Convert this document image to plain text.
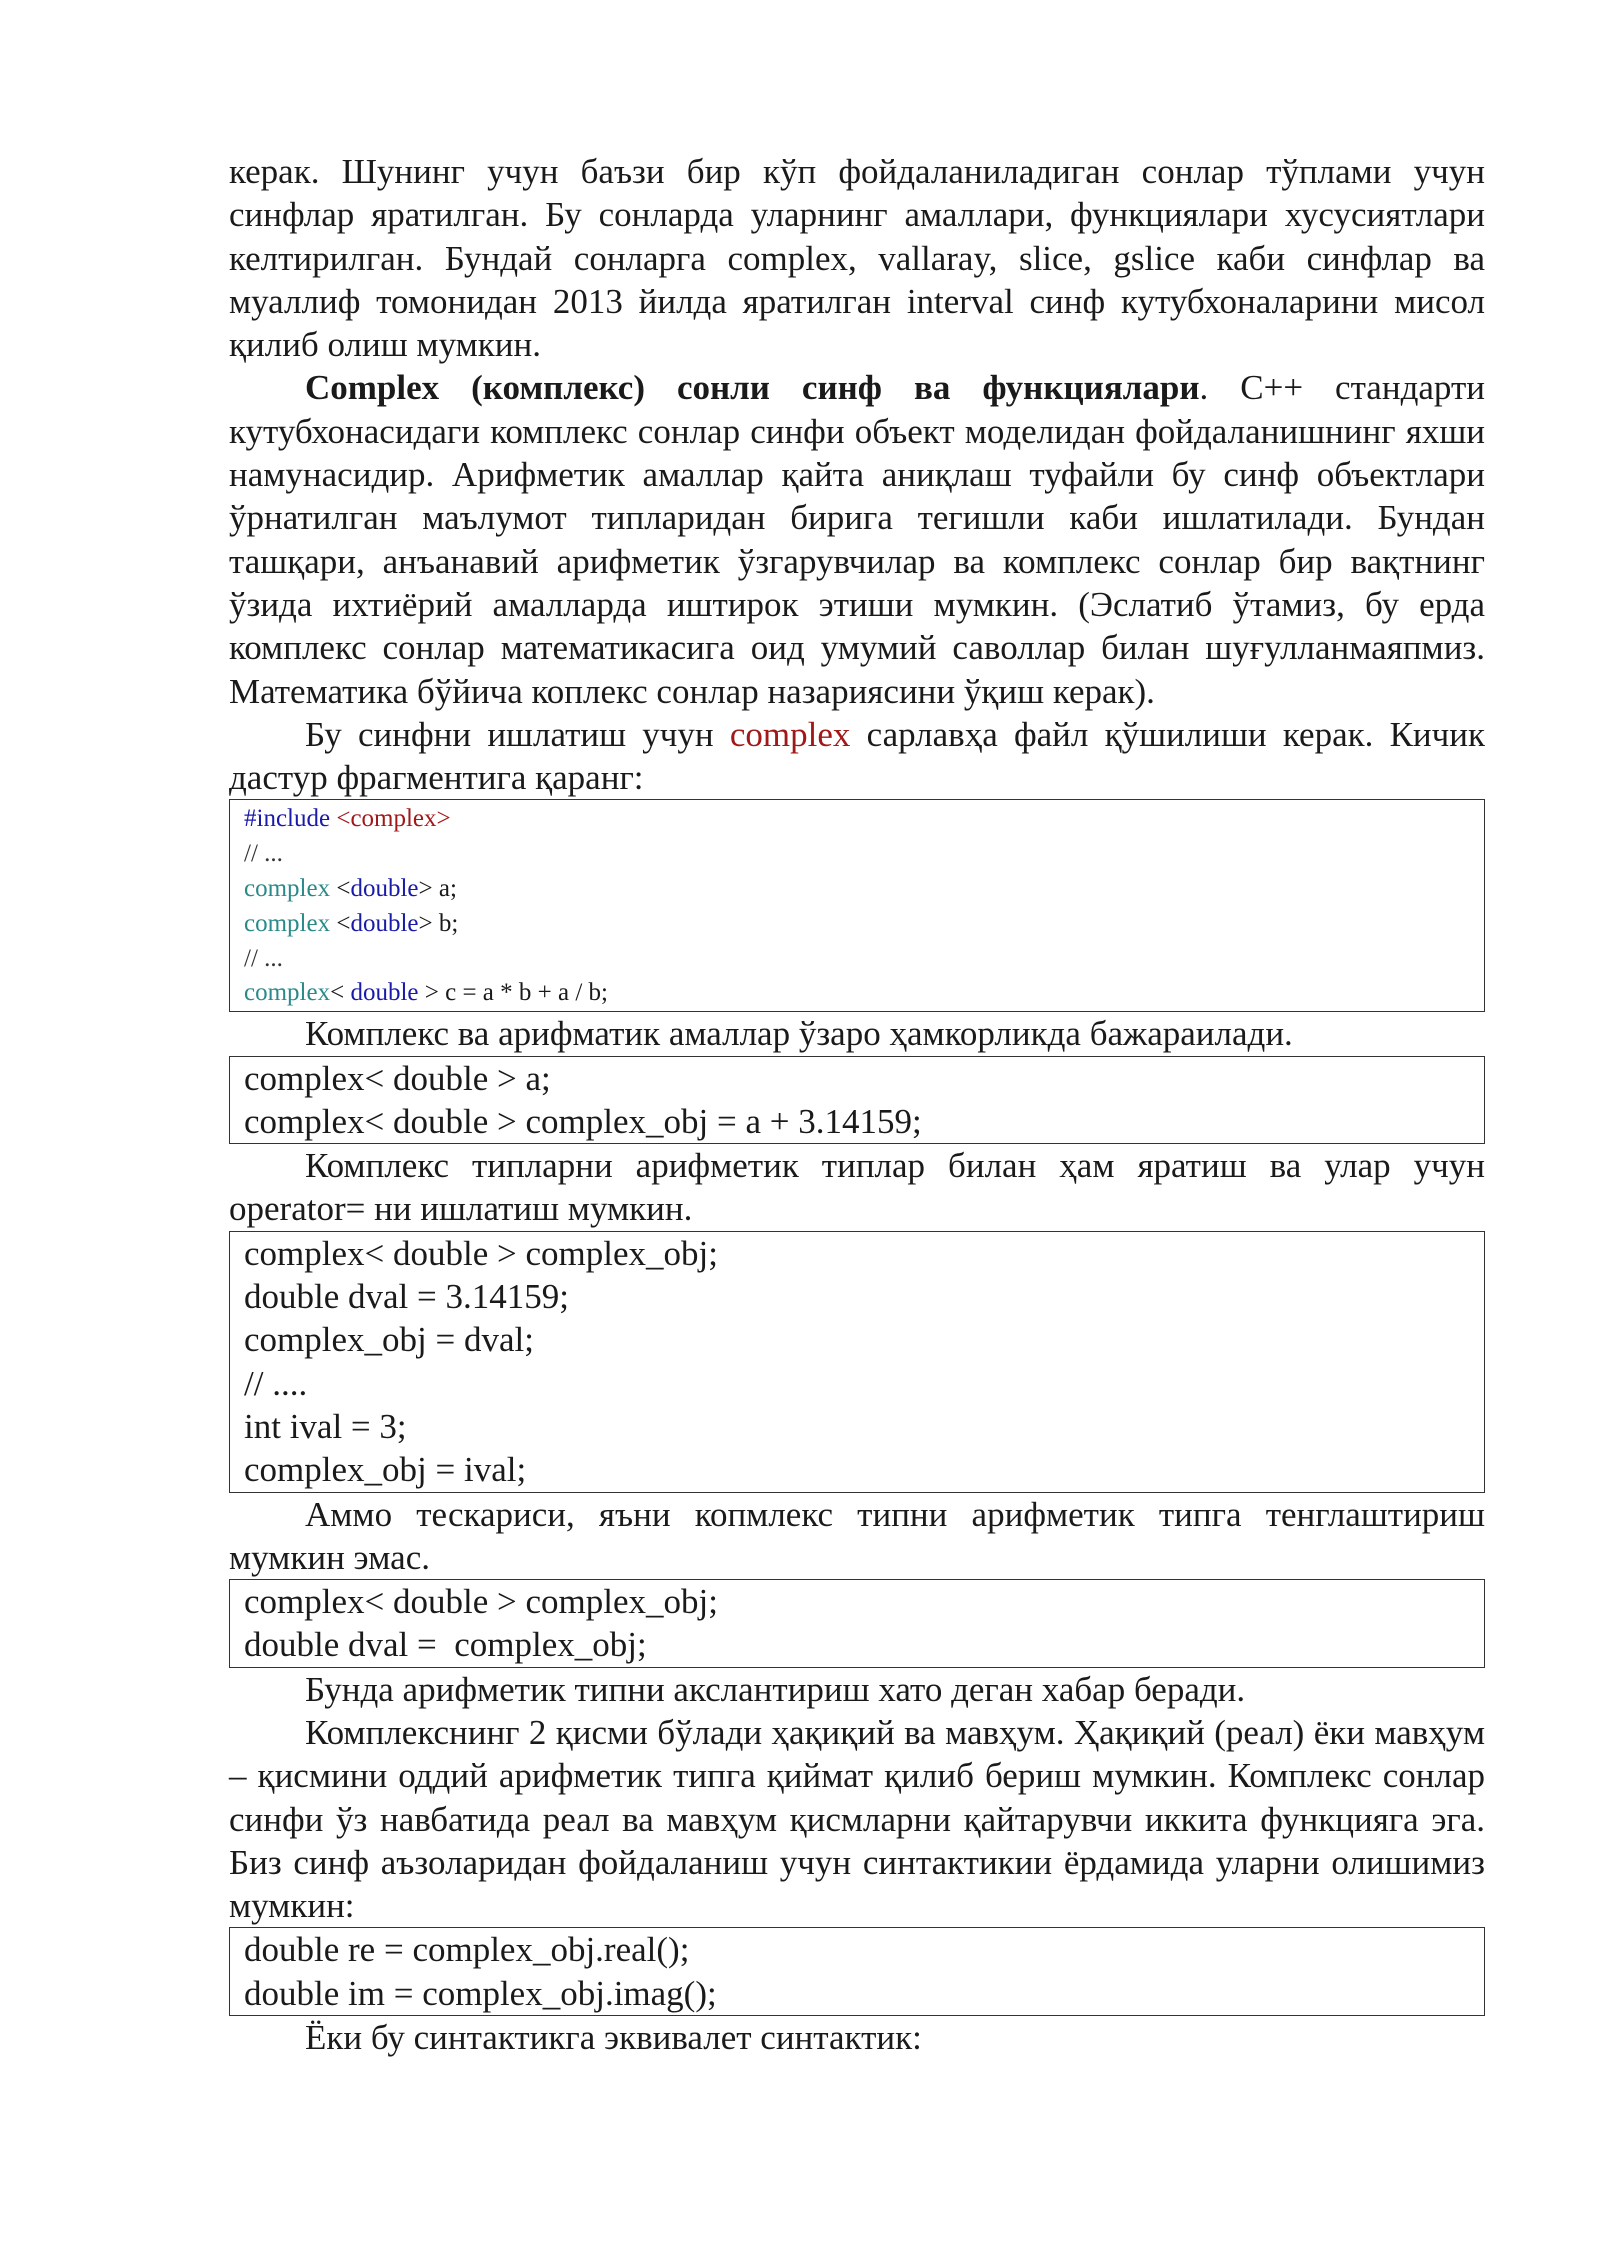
керак. Шунинг учун баъзи бир кўп фойдаланиладиган сонлар тўплами учун синфлар яратилган. Бу сонларда уларнинг амаллари, функциялари хусусиятлари келтирилган. Бундай сонларга complex, vallaray, slice, gslice каби синфлар ва муаллиф томонидан 2013 йилда яратилган interval синф кутубхоналарини мисол қилиб олиш мумкин.

Complex (комплекс) сонли синф ва функциялари. C++ стандарти кутубхонасидаги комплекс сонлар синфи объект моделидан фойдаланишнинг яхши намунасидир. Арифметик амаллар қайта аниқлаш туфайли бу синф объектлари ўрнатилган маълумот типларидан бирига тегишли каби ишлатилади. Бундан ташқари, анъанавий арифметик ўзгарувчилар ва комплекс сонлар бир вақтнинг ўзида ихтиёрий амалларда иштирок этиши мумкин. (Эслатиб ўтамиз, бу ерда комплекс сонлар математикасига оид умумий саволлар билан шуғулланмаяпмиз. Математика бўйича коплекс сонлар назариясини ўқиш керак).

Бу синфни ишлатиш учун complex сарлавҳа файл қўшилиши керак. Кичик дастур фрагментига қаранг:

#include <complex>
// ...
complex <double> a;
complex <double> b;
// ...
complex< double > c = a * b + a / b;

Комплекс ва арифматик амаллар ўзаро ҳамкорликда бажараилади.

complex< double > a;
complex< double > complex_obj = a + 3.14159;

Комплекс типларни арифметик типлар билан ҳам яратиш ва улар учун operator= ни ишлатиш мумкин.

complex< double > complex_obj;
double dval = 3.14159;
complex_obj = dval;
// ....
int ival = 3;
complex_obj = ival;

Аммо тескариси, яъни копмлекс типни арифметик типга тенглаштириш мумкин эмас.

complex< double > complex_obj;
double dval =  complex_obj;

Бунда арифметик типни акслантириш хато деган хабар беради.

Комплекснинг 2 қисми бўлади ҳақиқий ва мавҳум. Ҳақиқий (реал) ёки мавҳум – қисмини оддий арифметик типга қиймат қилиб бериш мумкин. Комплекс сонлар синфи ўз навбатида реал ва мавҳум қисмларни қайтарувчи иккита функцияга эга. Биз синф аъзоларидан фойдаланиш учун синтактикии ёрдамида уларни олишимиз мумкин:

double re = complex_obj.real();
double im = complex_obj.imag();

Ёки бу синтактикга эквивалет синтактик:
